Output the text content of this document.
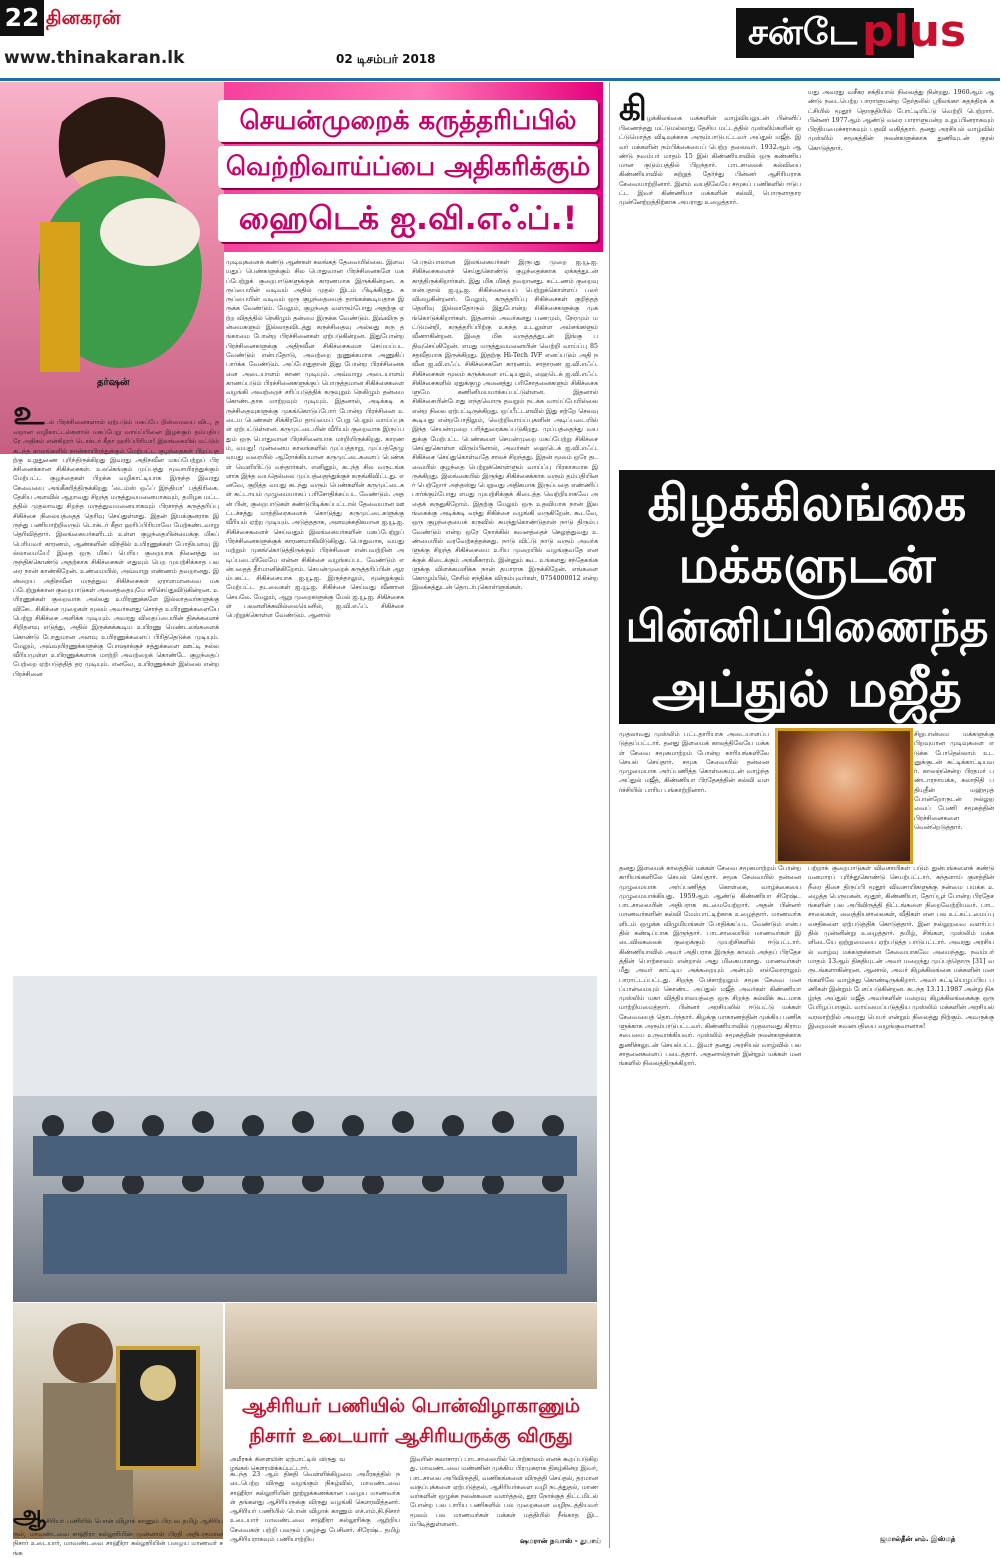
22 தினகரன்
www.thinakaran.lk	02 டிசம்பர் 2018
சன்டே plus
செயன்முறைக் கருத்தரிப்பில்
வெற்றிவாய்ப்பை அதிகரிக்கும்
ஹைடெக் ஐ.வி.எஃப்.!
தர்ஷன்
உடல் பிரச்சினைகளால் ஏற்படும் மகப்பே றின்மையை விட, தவறான வழிகாட்டல்களால் மகப்பேறு வாய்ப்பினை இழக்கும் தம்பதியரே அதிகம் என்கிறார் டொக்டர் கீதா ஹரிப்பிரியா! இலங்கையில் மட்டும் கடந்த காலங்களில் நான்காயிரத்துக்கும் மேற்பட்ட குழந்தைகள் பிறப்பதற்கு உறுதுணை புரிந்திருக்கிறது இவரது அதிநவீன மகப்பேற்றுப் பிரச்சினைக்கான சிகிச்சைகள். உலகெங்கும் முப்பத்து மூவாயிரத்துக்கும் மேற்பட்ட குழந்தைகள் பிறக்க வழிகாட்டியாக இருந்த இவரது சேவையை அங்கீகரித்திருக்கிறது 'டைம்ஸ் ஒஃப் இந்தியா' பத்திரிகை. தேசிய அளவில் ஆறாவது சிறந்த மருத்துவமனையாகவும், தமிழக மட்டத்தில் முதலாவது சிறந்த மருத்துவமனையாகவும் பிரசாந்த் கருத்தரிப்பு சிகிச்சை நிலையத்தைத் தெரிவு செய்துள்ளது. இதன் இயக்குனராக இருந்து பணியாற்றிவரும் டொக்டர் கீதா ஹரிப்பிரியாவே மேற்கண்டவாறு தெரிவித்தார். இலங்கையர்களிடம் உள்ள குழந்தையின்மைக்கு மிகப் பெரியவர் காரணம், ஆண்களின் விந்தில் உயிரணுக்கள் போதியளவு இல்லாமையே! இதை ஒரு மிகப் பெரிய குறையாக நினைத்து வருந்திக்கொண்டு அதற்காக சிகிச்சைகள் எதுவும் பெற முயற்சிக்காத பலரை நான் காண்கிறேன். உண்மையில், அவ்வாறு எண்ணம் தவறானது. இன்றைய அதிநவீன மருத்துவ சிகிச்சைகள் ஏராளமானவை மகப்பேற்றுக்கான குறைபாடுகள் அனைத்தையுமே சரிசெய்துவிடுகின்றன. உயிரணுக்கள் குறைவாக அல்லது உயிரணுக்களே இல்லாதவர்களுக்கு விசேட சிகிச்சை முறைகள் மூலம் அவர்களது சொந்த உயிரணுக்களையே பெற்று சிகிச்சை அளிக்க முடியும். அவரது விதைப்பையின் திசுக்களைச் சிறிதளவு எடுத்து, அதில் இருக்கக்கூடிய உயிரணு மெண்டலங்களைக் கொண்டு போதுமான அளவு உயிரணுக்களைப் பிரித்தெடுக்க முடியும். மேலும், அவ்வுயிரணுக்களுக்கு போஷாக்குச் சத்துக்களை ஊட்டி நல்ல வீரியமுள்ள உயிரணுக்களாக மாற்றி அவற்றைக் கொண்டே குழந்தைப் பேற்றை ஏற்படுத்தித் தர முடியும். எனவே, உயிரணுக்கள் இல்லை என்ற பிரச்சினை
முடிவுகளைக் கண்டு ஆண்கள் கலங்கத் தேவையில்லை. இளவயதுப் பெண்களுக்கும் சில பொதுவான பிரச்சினைகளே மகப்பேற்றுக் குறைபாடுகளுக்குக் காரணமாக இருக்கின்றன. கருப்பையின் வடிவம் அதில் முதல் இடம் பிடிக்கிறது. கருப்பையின் வடிவம் ஒரு குழந்தையைத் தாங்கக்கூடியதாக இருக்க வேண்டும். மேலும், குழந்தை வளரும்போது அதற்கு ஏற்ற விதத்தில் நெகிழும் தன்மை இருக்க வேண்டும். இவ்விரு தன்மைகளும் இல்லாதவிடத்து கருச்சிதைவு அல்லது கரு தங்காமை போன்ற பிரச்சினைகள் ஏற்படுகின்றன. இதுபோன்ற பிரச்சினைகளுக்கு அதிநவீன சிகிச்சைகளை செய்யப்படவேண்டும் என்பதோடு, அவற்றை நுணுக்கமாக அணுகிப் பார்க்க வேண்டும். அப்போதுதான் இது போன்ற பிரச்சினைகளை அடையாளம் காண முடியும். அவ்வாறு அடையாளம் காணப்படும் பிரச்சினைகளுக்குப் பொருத்தமான சிகிச்சைகளை வழங்கி அவற்றைச் சரிப்படுத்திக் கருவுறும் நெகிழும் தன்மை கொண்டதாக மாற்றவும் முடியும். இதனால், அடிக்கடி கருச்சிதைவுகளுக்கு முகங்கொடுப்போர் போன்ற பிரச்சினை உடைய பெண்கள் சிக்கிரமே தாய்மைப் பேறு பெறும் வாய்ப்புகள் ஏற்பட்டுள்ளன. கருமுட்டையின் வீரியம் குறைவாக இருப்பதும் ஒரு பொதுவான பிரச்சினையாக மாறியிருக்கிறது. காரணம், வயது! முன்னைய காலங்களில் முப்பத்தாறு, முப்பத்தேழு வயது வரையில் ஆரோக்கியமான கருமுட்டைகளைப் பெண்கள் வெளியிட்டு வந்தார்கள். எனினும், கடந்த சில வருடங்களாக இந்த வயதெல்லை முப்பத்தைந்துக்குச் சுருங்கிவிட்டது. எனவே, குறித்த வயது கடந்து வரும் பெண்களின் கருமுட்டைகள் கட்டாயம் முழுமையாகப் பரிசோதிக்கப்பட வேண்டும். அதன் பின், குறைபாடுகள் கண்டுபிடிக்கப்பட்டால் தேவையான ஊட்டச்சத்து மாத்திரைகளைக் கொடுத்து கருமுட்டைகளுக்கு வீரியம் ஏற்ற முடியும். அடுத்ததாக, அளவுக்கதிகமான ஐ.யூ.ஐ. சிகிச்சைகளைச் செய்வதும் இலங்கையர்களின் மகப்பேற்றுப் பிரச்சினைகளுக்குக் காரணமாகிவிடுகிறது. பொதுவாக, வயது மற்றும் முகங்கொடுத்திருக்கும் பிரச்சினை என்பவற்றின் அடிப்படையிலேயே என்ன சிகிச்சை வழங்கப்பட வேண்டும் என்பதைத் தீர்மானிக்கிறோம். செயன்முறைக் கருத்தரிப்பின் ஆரம்பகட்ட சிகிச்சையாக ஐ.யூ.ஐ. இருந்தாலும், மூன்றுக்கும் மேற்பட்ட தடவைகள் ஐ.யூ.ஐ. சிகிச்சை செய்வது வீணான செயலே. மேலும், ஆறு முறைகளுக்கு மேல் ஐ.யூ.ஐ. சிகிச்சைகள் பலனளிக்கவில்லையெனில், ஐ.வி.எஃப். சிகிச்சை பெற்றுக்கொள்ள வேண்டும். ஆனால்
பெரும்பாலான இலங்கையர்கள் இருபது முறை ஐ.யூ.ஐ. சிகிச்சைகளைச் செய்துகொண்டு குழந்தைக்காக ஏக்கத்துடன் காத்திருக்கிறார்கள். இது மிக மிகத் தவறானது. கட்டணம் குறைவு என்பதால் ஐ.யூ.ஐ. சிகிச்சையைப் பெற்றுக்கொள்ளப் பலர் விழைகின்றனர். மேலும், கருத்தரிப்பு சிகிச்சைகள் குறித்தத் தெளிவு இல்லாதோரும் இதுபோன்ற சிகிச்சைகளுக்கு முகங்கொடுக்கிறார்கள். இதனால் அவர்களது பணமும், நேரமும் மட்டுமன்றி, கருத்தரிப்பிற்கு உகந்த உடலுள்ள அம்சங்களும் வீணாகின்றன. இதை மிக வருத்தத்துடன் இங்கு பதிவுசெய்கிறேன். எமது மருத்துவமனையின் வெற்றி வாய்ப்பு 85 சதவீதமாக இருக்கிறது. இதற்கு Hi-Tech IVF எனப்படும் அதி நவீன ஐ.வி.எஃப். சிகிச்சைகளே காரணம். சாதாரண ஐ.வி.எஃப். சிகிச்சைகள் மூலம் கருக்களை எட்டியதும், ஹைடெக் ஐ.வி.எஃப். சிகிச்சைகளில் ஏதுக்குழு அனைத்து பரிசோதனைகளும் சிகிச்சைகளுமே கணினிமயமாக்கப்பட்டுள்ளன. இதனால் சிகிச்சையின்போது எந்தவொரு தவறும் நடக்க வாய்ப்பேயில்லை என்ற நிலை ஏற்பட்டிருக்கிறது. ஒப்பீட்டளவில் இது சற்றே செலவு கூடியது என்றபோதிலும், வெற்றிவாய்ப்புகளின் அடிப்படையில் இந்த செயன்முறை பரிந்துரைக்கப்படுகிறது. முப்பத்தைந்து வயதுக்கு மேற்பட்ட பெண்களை செயன்முறை மகப்பேற்று சிகிச்சை செய்துகொள்ள விரும்பினால், அவர்கள் ஹைடெக் ஐ.வி.எஃப். சிகிச்சை செய்துகொள்வதே சாலச் சிறந்தது. இதன் மூலம் ஒரே தடவையில் குழந்தை பெற்றுக்கொள்ளும் வாய்ப்பு பிரகாசமாக இருக்கிறது. இலங்கையில் இருந்து சிகிச்சைக்காக வரும் தம்பதியினர் பெற்றோர் அந்தஸ்து பெறுவது அதிகமாக இருப்பதை எண்ணிப் பார்க்கும்போது எமது முயற்சிக்குக் கிடைத்த வெற்றியாகவே அதைக் கருதுகிறோம். இதற்கு மேலும் ஒரு உதவியாக நான் இலங்கைக்கு அடிக்கடி வந்து சிகிச்சை வழங்கி வருகிறேன். கூடவே, ஒரு குழந்தையைக் கருவில் சுமந்துகொண்டுதான் நாடு திரும்ப வேண்டும் என்ற ஒரே நோக்கில் கவனத்தைச் செலுத்துவது உண்மையில் வரவேற்கத்தக்கது. நாடு விட்டு நாடு வரும் அவர்களுக்கு சிறந்த சிகிச்சையை உரிய முறையில் வழங்குவதே எனக்குக் கிடைக்கும் அங்கீகாரம். இன்னும் கூட உங்களது சந்தேகங்களுக்கு விளக்கமளிக்க நான் தயாராக இருக்கிறேன். எங்களை கொழும்பில், நேரில் சந்திக்க விரும்புவர்கள், 0754000012 என்ற இலக்கத்துடன் தொடர்புகொள்ளுங்கள்.
ஆசிரியர் பணியில் பொன்விழாகாணும்
நிசார் உடையார் ஆசிரியருக்கு விருது
அமீரகக் கிளையின் ஏற்பாட்டில் விருது வழங்கல் கௌரவிக்கப்பட்டார்.
ஆசிரியர் பணியில் பொன் விழாக் காணும் பிரபல தமிழ் ஆசிரியரும், மாவண்டவை சாஹிரா கல்லூரியின் முன்னாள் பிரதி அதிபருமான நிசார் உடையார், மாவண்டவை சாஹிரா கல்லூரியின் பழைய மாணவர் சங்க
கடந்த 23 ஆம் திகதி வெள்ளிக்கிழமை அமீரகத்தில் நடைபெற்ற விருது வழங்கும் நிகழ்வில், மாவண்டவை சாஹிரா கல்லூரியின் நூற்றுக்கணக்கான பழைய மாணவர்கள் தங்களது ஆசிரியருக்கு விருது வழங்கி கௌரவித்தனர். ஆசிரியர் பணியில் பொன் விழாக் காணும் எச்.எம்.நி.நிசார் உடையார் மாவண்டவை சாஹிரா கல்லூரிக்கு ஆற்றிய சேவைகள் பற்றி பலரும் புகழ்ந்து பேசினர். சிரேஷ்ட தமிழ் ஆசிரியராகவும் பணியாற்றிய
இவரின் கலாசாரப் பாடசாலையில் பொற்காலம் எனக் கூறப்படுகிறது. மாவண்டவை மண்ணின் முக்கிய பிரமுகராக திகழ்கின்ற இவர், பாடசாலை அபிவிருத்தி, வணிகங்களை விருத்தி செய்தல், தரமான வகுப்புக்களை ஏற்படுத்தல், ஆசிரியர்களை வழி நடத்துதல், மாணவர்களின் ஒழுக்க நலன்களை வளர்த்தல், தூர நோக்குத் திட்டமிடல் போன்ற பல பாரிய பணிகளில் பல முறைகளை வழிநடத்தியவர் மூலம் பல மாணவர்கள் மக்கள் மத்தியில் நீங்காத இடம்பிடித்துள்ளனர்.
ஷமரான் நவாஸ் - துபாய்
கிழக்கிலங்கை மக்களின் வாழ்வியலுடன் பின்னிப் பிணைந்தது மட்டுமல்லாது தேசிய மட்டத்தில் முஸ்லிம்களின் ஒட்டுமொத்த விடிவுக்காக அரும்பாடுபட்டவர் அப்துல் மஜீத். இவர் மக்களின் நம்பிக்கையைப் பெற்ற தலைவர். 1932ஆம் ஆண்டு நவம்பர் மாதம் 15 இல் கிண்ணியாவில் ஒரு கண்ணியமான குடும்பத்தில் பிறந்தார். பாடசாலைக் கல்வியை கிண்ணியாவில் கற்றுத் தேர்ந்து பின்னர் ஆசிரியராக சேவையாற்றினார். இளம் வயதிலேயே சமூகப் பணிகளில் ஈடுபட்ட இவர் கிண்ணியா மக்களின் கல்வி, பொருளாதார முன்னேற்றத்திற்காக அயராது உழைத்தார்.
யது அவரது வசீகர சக்தியால் நிலைத்து நின்றது. 1960ஆம் ஆண்டு நடைபெற்ற பாராளுமன்ற தேர்தலில் ஸ்ரீலங்கா சுதந்திரக் கட்சியில் மூதூர் தொகுதியில் போட்டியிட்டு வெற்றி பெற்றார். பின்னர் 1977ஆம் ஆண்டு வரை பாராளுமன்ற உறுப்பினராகவும் பிரதியமைச்சராகவும் பதவி வகித்தார். தனது அரசியல் வாழ்வில் முஸ்லிம் சமூகத்தின் நலன்களுக்காக துணிவுடன் குரல் கொடுத்தார்.
கிழக்கிலங்கை
மக்களுடன்
பின்னிப்பிணைந்த
அப்துல் மஜீத்
முதலாவது முஸ்லிம் பட்டதாரியாக அடையாளப்படுத்தப்பட்டார். தனது இளமைக் காலத்திலேயே மக்கள் சேவை சமூகமாற்றம் போன்ற காரியங்களிலே செயல் செய்தார். சமூக சேவையில் தன்னை முழுமையாக அர்ப்பணித்த கொள்கையுடன் வாழ்ந்த அப்துல் மஜீத், கிண்ணியா பிரதேசத்தின் கல்வி வளர்ச்சியில் பாரிய பங்காற்றினார்.
சிறுபான்மை மக்களுக்கு பிறவுயான முடிவுகளை எடுக்க போதெல்லாம் உடனுக்குடன் சுட்டிக்காட்டியவர். காலஞ்சென்ற பிரதமர் பண்டாரநாயக்க, கலாநிதி பதியுதீன் மஹ்மூத் போன்றோருடன் நல்லுறவைப் பேணி சமூகத்தின் பிரச்சினைகளை வென்றெடுத்தார்.
தனது இளமைக் காலத்தில் மக்கள் சேவை சமூகமாற்றம் போன்ற காரியங்களிலே செயல் செய்தார். சமூக சேவையில் தன்னை முழுமையாக அர்ப்பணித்த கொள்கை, வாழ்க்கையை முழுமையாக்கியது. 1959ஆம் ஆண்டு கிண்ணியா சிரேஷ்ட பாடசாலையின் அதிபராக கடமையேற்றார். அதன் பின்னர் மாணவர்களின் கல்வி மேம்பாட்டிற்காக உழைத்தார். மாணவர்களிடம் ஒழுக்க விழுமியங்கள் போதிக்கப்பட வேண்டும் என்பதில் கண்டிப்பாக இருந்தார். பாடசாலையில் மாணவர்கள் இடைவிலகலைக் குறைக்கும் முயற்சிகளில் ஈடுபட்டார். கிண்ணியாவில் அவர் அதிபராக இருந்த காலம் அந்தப் பிரதேசத்தின் பொற்காலம் என்றால் அது மிகையாகாது. மாணவர்கள் மீது அவர் காட்டிய அக்கறையும் அன்பும் எல்லோராலும் பாராட்டப்பட்டது. சிறந்த பேச்சாற்றலும் சமூக சேவை மனப்பான்மையும் கொண்ட அப்துல் மஜீத் அவர்கள் கிண்ணியா முஸ்லிம் மகா வித்தியாலயத்தை ஒரு சிறந்த கல்விக் கூடமாக மாற்றியமைத்தார். பின்னர் அரசியலில் ஈடுபட்டு மக்கள் சேவையைத் தொடர்ந்தார். கிழக்கு மாகாணத்தின் முக்கிய பணிகளுக்காக அரும்பாடுபட்டவர். கிண்ணியாவில் முதலாவது கிராம சபையை உருவாக்கியவர். முஸ்லிம் சமூகத்தின் நலன்களுக்காக துணிச்சலுடன் செயல்பட்ட இவர் தனது அரசியல் வாழ்வில் பல சாதனைகளைப் படைத்தார். அதனால்தான் இன்றும் மக்கள் மனங்களில் நிலைத்திருக்கிறார்.
பற்றாக் குறைபாடுகள் விவசாயிகள் படும் துன்பங்களைக் கண்டு மனமாரப் புரிந்துகொண்டு செயற்பட்டார். கந்தளாய் குளத்தின் நீரை திசை திருப்பி மூதூர் விவசாயிகளுக்கு நன்மை பயக்க உழைத்த பெருமகன். மூதூர், கிண்ணியா, தோப்பூர் போன்ற பிரதேசங்களின் பல அபிவிருத்தி திட்டங்களை நிறைவேற்றியவர். பாடசாலைகள், வைத்தியசாலைகள், வீதிகள் என பல உட்கட்டமைப்பு வசதிகளை ஏற்படுத்திக் கொடுத்தார். இன நல்லுறவை வளர்ப்பதில் முன்னின்று உழைத்தார். தமிழ், சிங்கள, முஸ்லிம் மக்களிடையே ஒற்றுமையை ஏற்படுத்த பாடுபட்டார். அவரது அரசியல் வாழ்வு மக்களுக்கான சேவையாகவே அமைந்தது. நவம்பர் மாதம் 13ஆம் திகதியுடன் அவர் மறைந்து முப்பத்தொரு [31] வருடங்களாகின்றன. ஆனால், அவர் கிழக்கிலங்கை மக்களின் மனங்களிலே வாழ்ந்து கொண்டிருக்கிறார். அவர் கட்டியெழுப்பிய பணிகள் இன்றும் பேசப்படுகின்றன. கடந்த 13.11.1987 அன்று நிகழ்ந்த அப்துல் மஜீத் அவர்களின் மறைவு கிழக்கிலங்கைக்கு ஒரு பேரிழப்பாகும். வாய்மைப்படுத்திய முஸ்லிம் மக்களின் அரசியல் வரலாற்றில் அவரது பெயர் என்றும் நிலைத்து நிற்கும். அவருக்கு இறைவன் சுவனபதியை வழங்குவானாக!
ஜமால்தீன் எம். இஸ்மத்
